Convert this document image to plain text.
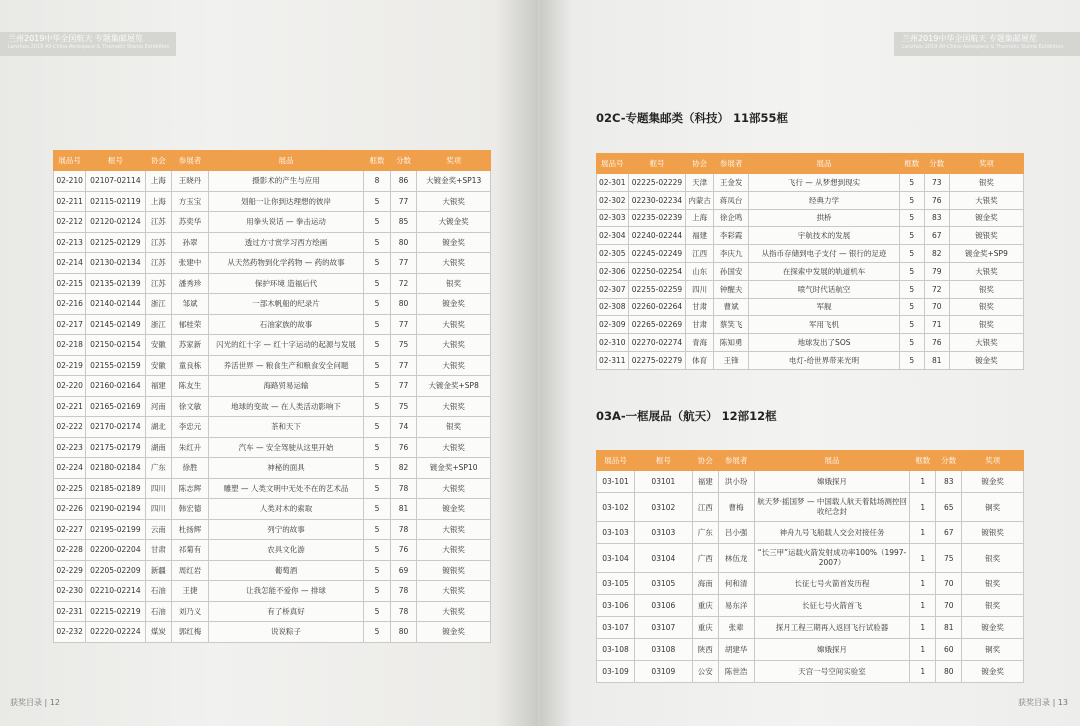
兰州2019中华全国航天 专题集邮展览
Lanzhou 2019 All-China Aerospace & Thematic Stamp Exhibition
获奖目录 | 12
兰州2019中华全国航天 专题集邮展览
Lanzhou 2019 All-China Aerospace & Thematic Stamp Exhibition
获奖目录 | 13
展品号	框号	协会	参展者	展品	框数	分数	奖项
02-210	02107-02114	上海	王晓丹	摄影术的产生与应用	8	86	大镀金奖+SP13
02-211	02115-02119	上海	方玉宝	划船一让你到达理想的彼岸	5	77	大银奖
02-212	02120-02124	江苏	苏奕华	用拳头说话 — 拳击运动	5	85	大镀金奖
02-213	02125-02129	江苏	孙翠	透过方寸赏学习西方绘画	5	80	镀金奖
02-214	02130-02134	江苏	张建中	从天然药物到化学药物 — 药的故事	5	77	大银奖
02-215	02135-02139	江苏	潘秀珍	保护环境 造福后代	5	72	银奖
02-216	02140-02144	浙江	邹斌	一部木帆船的纪录片	5	80	镀金奖
02-217	02145-02149	浙江	郁桂荣	石油家族的故事	5	77	大银奖
02-218	02150-02154	安徽	苏家新	闪光的红十字 — 红十字运动的起源与发展	5	75	大银奖
02-219	02155-02159	安徽	童良栋	养活世界 — 粮食生产和粮食安全问题	5	77	大银奖
02-220	02160-02164	福建	陈友生	海路贸易运输	5	77	大镀金奖+SP8
02-221	02165-02169	河南	徐文敏	地球的变故 — 在人类活动影响下	5	75	大银奖
02-222	02170-02174	湖北	李忠元	茶和天下	5	74	银奖
02-223	02175-02179	湖南	朱红升	汽车 — 安全驾驶从这里开始	5	76	大银奖
02-224	02180-02184	广东	徐胜	神秘的面具	5	82	镀金奖+SP10
02-225	02185-02189	四川	陈志辉	雕塑 — 人类文明中无处不在的艺术品	5	78	大银奖
02-226	02190-02194	四川	韩宏德	人类对木的索取	5	81	镀金奖
02-227	02195-02199	云南	杜扬辉	列宁的故事	5	78	大银奖
02-228	02200-02204	甘肃	祁菊有	农具文化游	5	76	大银奖
02-229	02205-02209	新疆	周红岩	葡萄酒	5	69	镀银奖
02-230	02210-02214	石油	王捷	让我怎能不爱你 — 排球	5	78	大银奖
02-231	02215-02219	石油	刘乃义	有了桥真好	5	78	大银奖
02-232	02220-02224	煤炭	郭红梅	说说粽子	5	80	镀金奖
02C-专题集邮类（科技） 11部55框
展品号	框号	协会	参展者	展品	框数	分数	奖项
02-301	02225-02229	天津	王金发	飞行 — 从梦想到现实	5	73	银奖
02-302	02230-02234	内蒙古	蒋凤台	经典力学	5	76	大银奖
02-303	02235-02239	上海	徐企鸣	拱桥	5	83	镀金奖
02-304	02240-02244	福建	李彩霞	宇航技术的发展	5	67	镀银奖
02-305	02245-02249	江西	李庆九	从指币存储到电子支付 — 银行的足迹	5	82	镀金奖+SP9
02-306	02250-02254	山东	孙国安	在探索中发展的轨道机车	5	79	大银奖
02-307	02255-02259	四川	钟醒夫	喷气时代话航空	5	72	银奖
02-308	02260-02264	甘肃	曹斌	军舰	5	70	银奖
02-309	02265-02269	甘肃	蔡笑飞	军用飞机	5	71	银奖
02-310	02270-02274	青海	陈知勇	地球发出了SOS	5	76	大银奖
02-311	02275-02279	体育	王锋	电灯-给世界带来光明	5	81	镀金奖
03A-一框展品（航天） 12部12框
展品号	框号	协会	参展者	展品	框数	分数	奖项
03-101	03101	福建	洪小玢	嫦娥探月	1	83	镀金奖
03-102	03102	江西	曹梅	航天梦·摇国梦 — 中国载人航天着陆场测控回收纪念封	1	65	铜奖
03-103	03103	广东	吕小强	神舟九号飞船载人交会对接任务	1	67	镀银奖
03-104	03104	广西	林伍龙	“长三甲”运载火箭发射成功率100%（1997-2007）	1	75	银奖
03-105	03105	海南	何和清	长征七号火箭首发历程	1	70	银奖
03-106	03106	重庆	易东洋	长征七号火箭首飞	1	70	银奖
03-107	03107	重庆	张辈	探月工程三期再入返回飞行试验器	1	81	镀金奖
03-108	03108	陕西	胡建华	嫦娥探月	1	60	铜奖
03-109	03109	公安	陈世浩	天宫一号空间实验室	1	80	镀金奖
